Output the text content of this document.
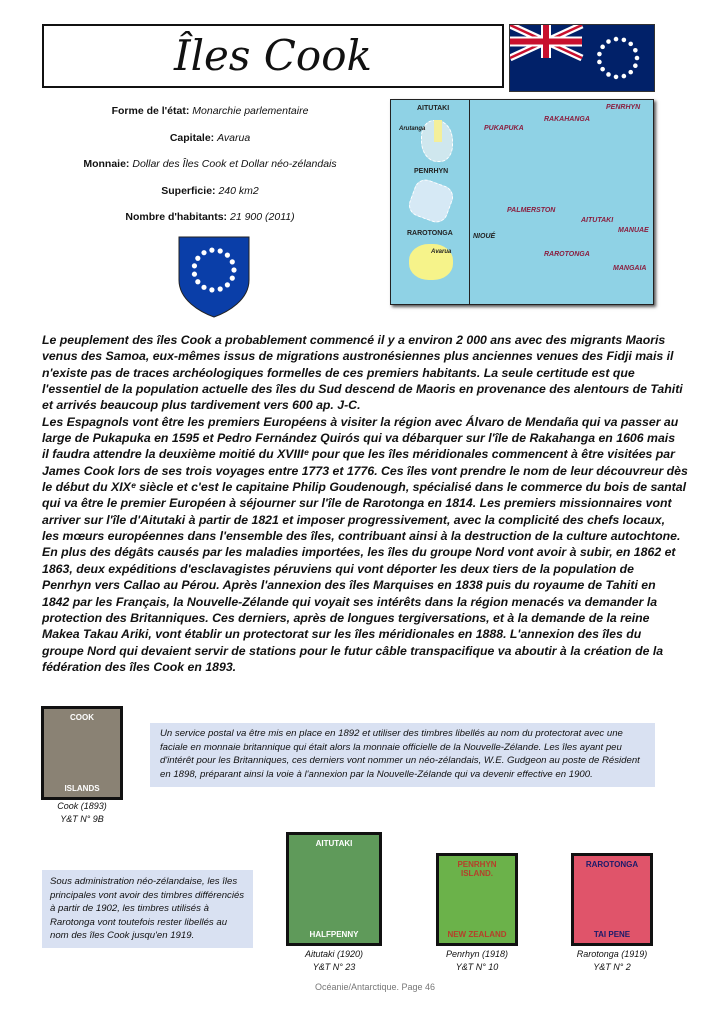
Îles Cook
Forme de l'état: Monarchie parlementaire
Capitale: Avarua
Monnaie: Dollar des Îles Cook et Dollar néo-zélandais
Superficie: 240 km2
Nombre d'habitants: 21 900 (2011)
AITUTAKI
Arutanga
PENRHYN
RAROTONGA
Avarua
PENRHYN
RAKAHANGA
PUKAPUKA
PALMERSTON
AITUTAKI
MANUAE
RAROTONGA
MANGAIA
NIOUÉ
Le peuplement des îles Cook a probablement commencé il y a environ 2 000 ans avec des migrants Maoris
venus des Samoa, eux-mêmes issus de migrations austronésiennes plus anciennes venues des Fidji mais il
n'existe pas de traces archéologiques formelles de ces premiers habitants. La seule certitude est que
l'essentiel de la population actuelle des îles du Sud descend de Maoris en provenance des alentours de Tahiti
et arrivés beaucoup plus tardivement vers 600 ap. J-C.
Les Espagnols vont être les premiers Européens à visiter la région avec Álvaro de Mendaña qui va passer au
large de Pukapuka en 1595 et Pedro Fernández Quirós qui va débarquer sur l'île de Rakahanga en 1606 mais
il faudra attendre la deuxième moitié du XVIIIᵉ pour que les îles méridionales commencent à être visitées par
James Cook lors de ses trois voyages entre 1773 et 1776. Ces îles vont prendre le nom de leur découvreur dès
le début du XIXᵉ siècle et c'est le capitaine Philip Goudenough, spécialisé dans le commerce du bois de santal
qui va être le premier Européen à séjourner sur l'île de Rarotonga en 1814. Les premiers missionnaires vont
arriver sur l'île d'Aitutaki à partir de 1821 et imposer progressivement, avec la complicité des chefs locaux,
les mœurs européennes dans l'ensemble des îles, contribuant ainsi à la destruction de la culture autochtone.
En plus des dégâts causés par les maladies importées, les îles du groupe Nord vont avoir à subir, en 1862 et
1863, deux expéditions d'esclavagistes péruviens qui vont déporter les deux tiers de la population de
Penrhyn vers Callao au Pérou. Après l'annexion des îles Marquises en 1838 puis du royaume de Tahiti en
1842 par les Français, la Nouvelle-Zélande qui voyait ses intérêts dans la région menacés va demander la
protection des Britanniques. Ces derniers, après de longues tergiversations, et à la demande de la reine
Makea Takau Ariki, vont établir un protectorat sur les îles méridionales en 1888. L'annexion des îles du
groupe Nord qui devaient servir de stations pour le futur câble transpacifique va aboutir à la création de la
fédération des îles Cook en 1893.
COOK
ISLANDS
Cook (1893)
Y&T N° 9B
Un service postal va être mis en place en 1892 et utiliser des timbres libellés au nom du protectorat avec une faciale en monnaie britannique qui était alors la monnaie officielle de la Nouvelle-Zélande. Les îles ayant peu d'intérêt pour les Britanniques, ces derniers vont nommer un néo-zélandais, W.E. Gudgeon au poste de Résident en 1898, préparant ainsi la voie à l'annexion par la Nouvelle-Zélande qui va devenir effective en 1900.
Sous administration néo-zélandaise, les îles principales vont avoir des timbres différenciés à partir de 1902, les timbres utilisés à Rarotonga vont toutefois rester libellés au nom des îles Cook jusqu'en 1919.
AITUTAKI
HALFPENNY
Aitutaki (1920)
Y&T N° 23
PENRHYN ISLAND.
NEW ZEALAND
Penrhyn (1918)
Y&T N° 10
RAROTONGA
TAI PENE
Rarotonga (1919)
Y&T N° 2
Océanie/Antarctique. Page 46
